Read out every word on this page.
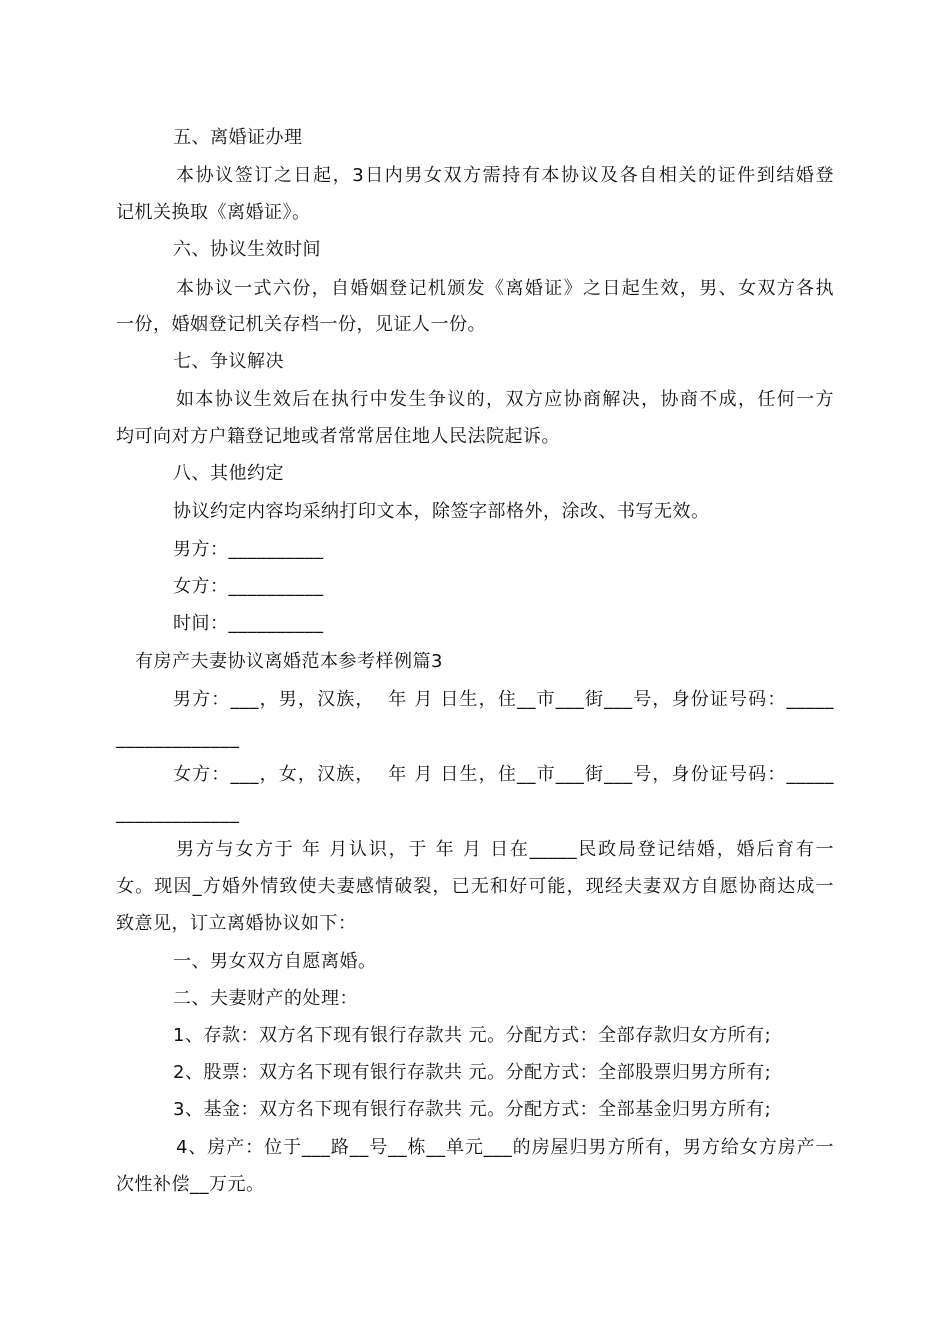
五、离婚证办理
本协议签订之日起，3日内男女双方需持有本协议及各自相关的证件到结婚登
记机关换取《离婚证》。
六、协议生效时间
本协议一式六份，自婚姻登记机颁发《离婚证》之日起生效，男、女双方各执
一份，婚姻登记机关存档一份，见证人一份。
七、争议解决
如本协议生效后在执行中发生争议的，双方应协商解决，协商不成，任何一方
均可向对方户籍登记地或者常常居住地人民法院起诉。
八、其他约定
协议约定内容均采纳打印文本，除签字部格外，涂改、书写无效。
男方：__________
女方：__________
时间：__________
有房产夫妻协议离婚范本参考样例篇3
男方：___，男，汉族，  年 月 日生，住__市___街___号，身份证号码：_____
_____________
女方：___，女，汉族，  年 月 日生，住__市___街___号，身份证号码：_____
_____________
男方与女方于 年 月认识，于 年 月 日在_____民政局登记结婚，婚后育有一
女。现因_方婚外情致使夫妻感情破裂，已无和好可能，现经夫妻双方自愿协商达成一
致意见，订立离婚协议如下：
一、男女双方自愿离婚。
二、夫妻财产的处理：
1、存款：双方名下现有银行存款共 元。分配方式：全部存款归女方所有;
2、股票：双方名下现有银行存款共 元。分配方式：全部股票归男方所有;
3、基金：双方名下现有银行存款共 元。分配方式：全部基金归男方所有;
4、房产：位于___路__号__栋__单元___的房屋归男方所有，男方给女方房产一
次性补偿__万元。
